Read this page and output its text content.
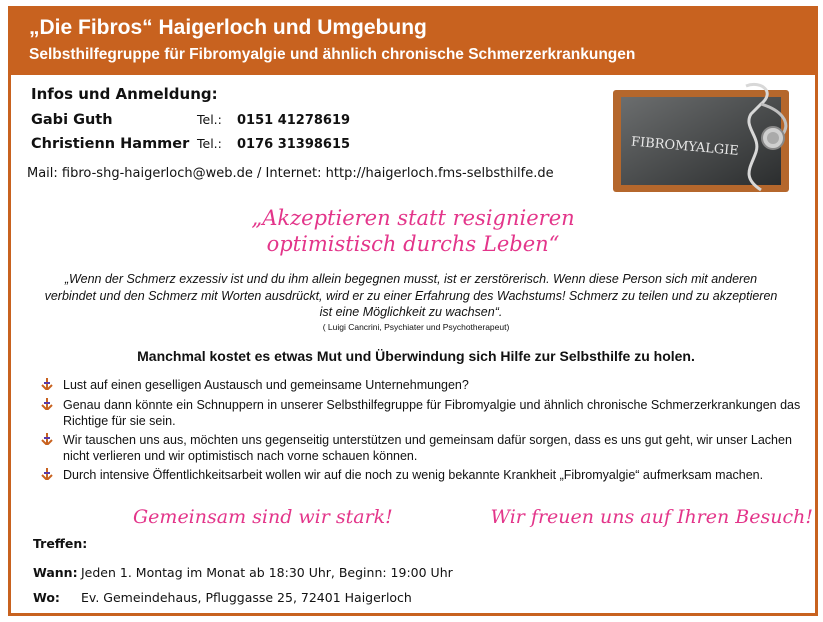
„Die Fibros“ Haigerloch und Umgebung
Selbsthilfegruppe für Fibromyalgie und ähnlich chronische Schmerzerkrankungen
Infos und Anmeldung:
Gabi Guth	Tel.:	0151 41278619
Christienn Hammer Tel.:	0176 31398615
Mail: fibro-shg-haigerloch@web.de / Internet: http://haigerloch.fms-selbsthilfe.de
FIBROMYALGIE
„Akzeptieren statt resignieren
optimistisch durchs Leben“
„Wenn der Schmerz exzessiv ist und du ihm allein begegnen musst, ist er zerstörerisch. Wenn diese Person sich mit anderen verbindet und den Schmerz mit Worten ausdrückt, wird er zu einer Erfahrung des Wachstums! Schmerz zu teilen und zu akzeptieren ist eine Möglichkeit zu wachsen“.
( Luigi Cancrini, Psychiater und Psychotherapeut)
Manchmal kostet es etwas Mut und Überwindung sich Hilfe zur Selbsthilfe zu holen.
Lust auf einen geselligen Austausch und gemeinsame Unternehmungen?
Genau dann könnte ein Schnuppern in unserer Selbsthilfegruppe für Fibromyalgie und ähnlich chronische Schmerzerkrankungen das Richtige für sie sein.
Wir tauschen uns aus, möchten uns gegenseitig unterstützen und gemeinsam dafür sorgen, dass es uns gut geht, wir unser Lachen nicht verlieren und wir optimistisch nach vorne schauen können.
Durch intensive Öffentlichkeitsarbeit wollen wir auf die noch zu wenig bekannte Krankheit „Fibromyalgie“ aufmerksam machen.
Gemeinsam sind wir stark!	Wir freuen uns auf Ihren Besuch!
Treffen:
Wann: Jeden 1. Montag im Monat ab 18:30 Uhr, Beginn: 19:00 Uhr
Wo:	Ev. Gemeindehaus, Pfluggasse 25, 72401 Haigerloch
